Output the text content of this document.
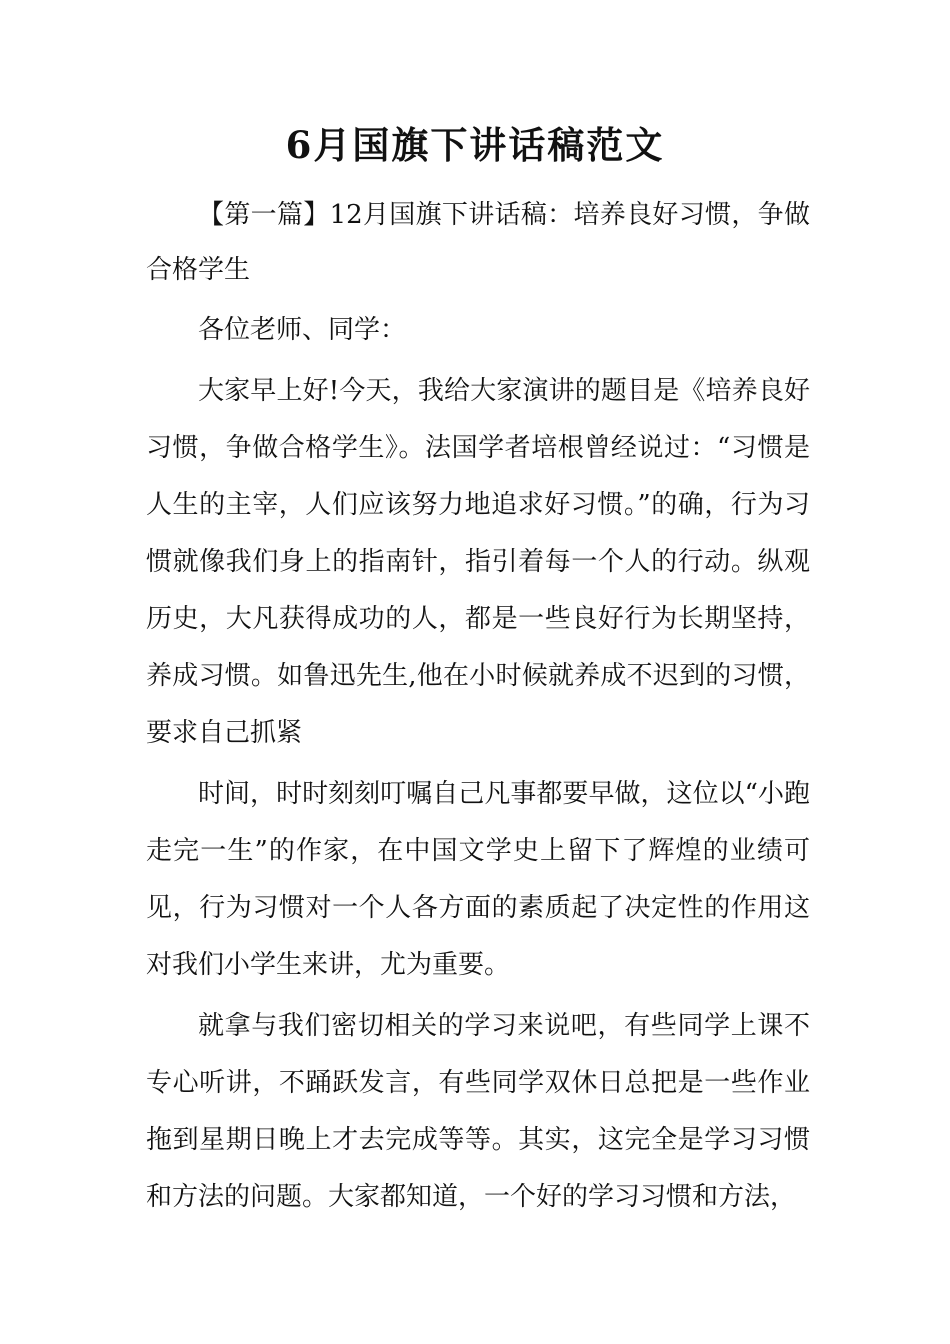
6月国旗下讲话稿范文

【第一篇】12月国旗下讲话稿：培养良好习惯，争做合格学生

各位老师、同学：

大家早上好!今天，我给大家演讲的题目是《培养良好习惯，争做合格学生》。法国学者培根曾经说过：“习惯是人生的主宰，人们应该努力地追求好习惯。”的确，行为习惯就像我们身上的指南针，指引着每一个人的行动。纵观历史，大凡获得成功的人，都是一些良好行为长期坚持，养成习惯。如鲁迅先生,他在小时候就养成不迟到的习惯，要求自己抓紧

时间，时时刻刻叮嘱自己凡事都要早做，这位以“小跑走完一生”的作家，在中国文学史上留下了辉煌的业绩可见，行为习惯对一个人各方面的素质起了决定性的作用这对我们小学生来讲，尤为重要。

就拿与我们密切相关的学习来说吧，有些同学上课不专心听讲，不踊跃发言，有些同学双休日总把是一些作业拖到星期日晚上才去完成等等。其实，这完全是学习习惯和方法的问题。大家都知道，一个好的学习习惯和方法，
